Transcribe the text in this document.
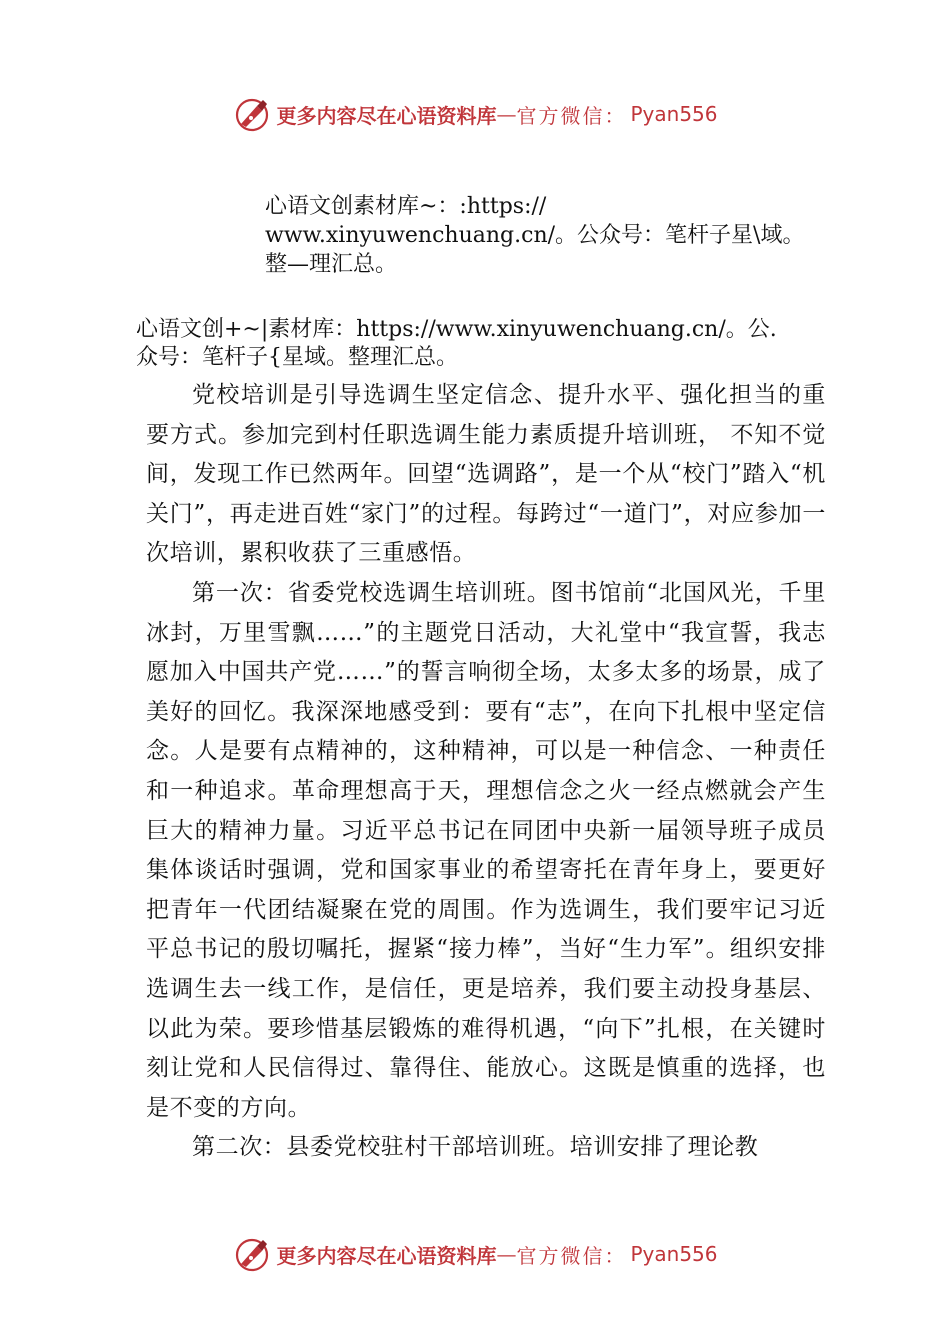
更多内容尽在心语资料库 — 官方微信： Pyan556
心语文创素材库~：:https://
www.xinyuwenchuang.cn/。公众号：笔杆子星\域。
整—理汇总。
心语文创+~|素材库：https://www.xinyuwenchuang.cn/。公.
众号：笔杆子{星域。整理汇总。

党校培训是引导选调生坚定信念、提升水平、强化担当的重要方式。参加完到村任职选调生能力素质提升培训班， 不知不觉间，发现工作已然两年。回望“选调路”，是一个从“校门”踏入“机关门”，再走进百姓“家门”的过程。每跨过“一道门”，对应参加一次培训，累积收获了三重感悟。

第一次：省委党校选调生培训班。图书馆前“北国风光，千里冰封，万里雪飘……”的主题党日活动，大礼堂中“我宣誓，我志愿加入中国共产党……”的誓言响彻全场，太多太多的场景，成了美好的回忆。我深深地感受到：要有“志”，在向下扎根中坚定信念。人是要有点精神的，这种精神，可以是一种信念、一种责任和一种追求。革命理想高于天，理想信念之火一经点燃就会产生巨大的精神力量。习近平总书记在同团中央新一届领导班子成员集体谈话时强调，党和国家事业的希望寄托在青年身上，要更好把青年一代团结凝聚在党的周围。作为选调生，我们要牢记习近平总书记的殷切嘱托，握紧“接力棒”，当好“生力军”。组织安排选调生去一线工作，是信任，更是培养，我们要主动投身基层、以此为荣。要珍惜基层锻炼的难得机遇，“向下”扎根，在关键时刻让党和人民信得过、靠得住、能放心。这既是慎重的选择，也是不变的方向。

第二次：县委党校驻村干部培训班。培训安排了理论教

更多内容尽在心语资料库 — 官方微信： Pyan556
